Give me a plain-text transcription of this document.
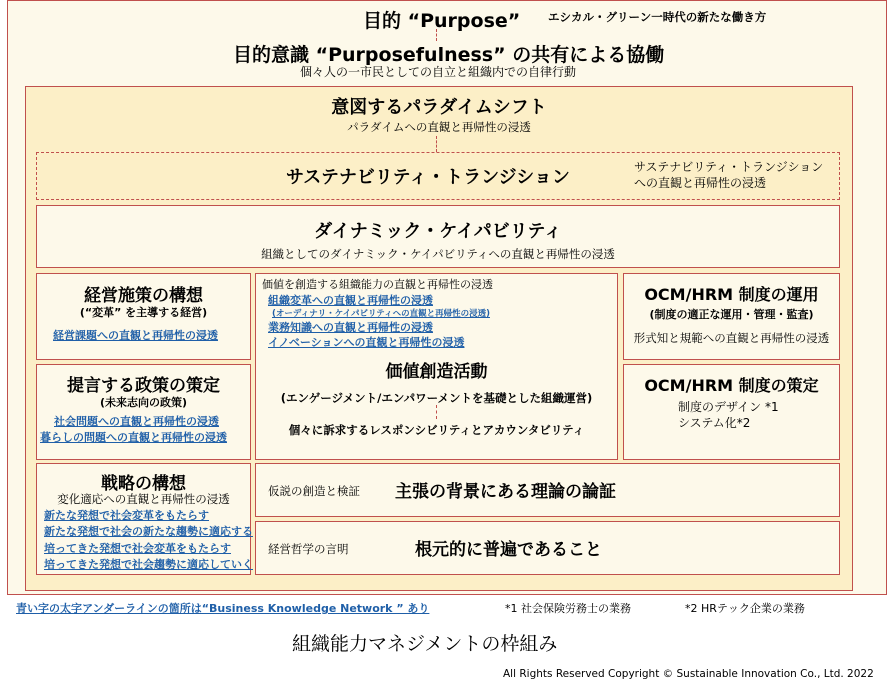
目的 “Purpose” エシカル・グリーン一時代の新たな働き方
目的意識 “Purposefulness” の共有による協働
個々人の一市民としての自立と組織内での自律行動
意図するパラダイムシフト
パラダイムへの直観と再帰性の浸透
サステナビリティ・トランジション	サステナビリティ・トランジション
への直観と再帰性の浸透
ダイナミック・ケイパビリティ
組織としてのダイナミック・ケイパビリティへの直観と再帰性の浸透
経営施策の構想
(“変革” を主導する経営)
経営課題への直観と再帰性の浸透
提言する政策の策定
(未来志向の政策)
社会問題への直観と再帰性の浸透
暮らしの問題への直観と再帰性の浸透
戦略の構想
変化適応への直観と再帰性の浸透
新たな発想で社会変革をもたらす
新たな発想で社会の新たな趨勢に適応する
培ってきた発想で社会変革をもたらす
培ってきた発想で社会趨勢に適応していく
価値を創造する組織能力の直観と再帰性の浸透
組織変革への直観と再帰性の浸透
(オーディナリ・ケイパビリティへの直観と再帰性の浸透)
業務知識への直観と再帰性の浸透
イノベーションへの直観と再帰性の浸透
価値創造活動
(エンゲージメント/エンパワーメントを基礎とした組織運営)
個々に訴求するレスポンシビリティとアカウンタビリティ
OCM/HRM 制度の運用
(制度の適正な運用・管理・監査)
形式知と規範への直観と再帰性の浸透
OCM/HRM 制度の策定
制度のデザイン *1
システム化*2
仮説の創造と検証 主張の背景にある理論の論証
経営哲学の言明	根元的に普遍であること
青い字の太字アンダーラインの箇所は“Business Knowledge Network ” あり	*1 社会保険労務士の業務	*2 HRテック企業の業務
組織能力マネジメントの枠組み
All Rights Reserved Copyright © Sustainable Innovation Co., Ltd. 2022
